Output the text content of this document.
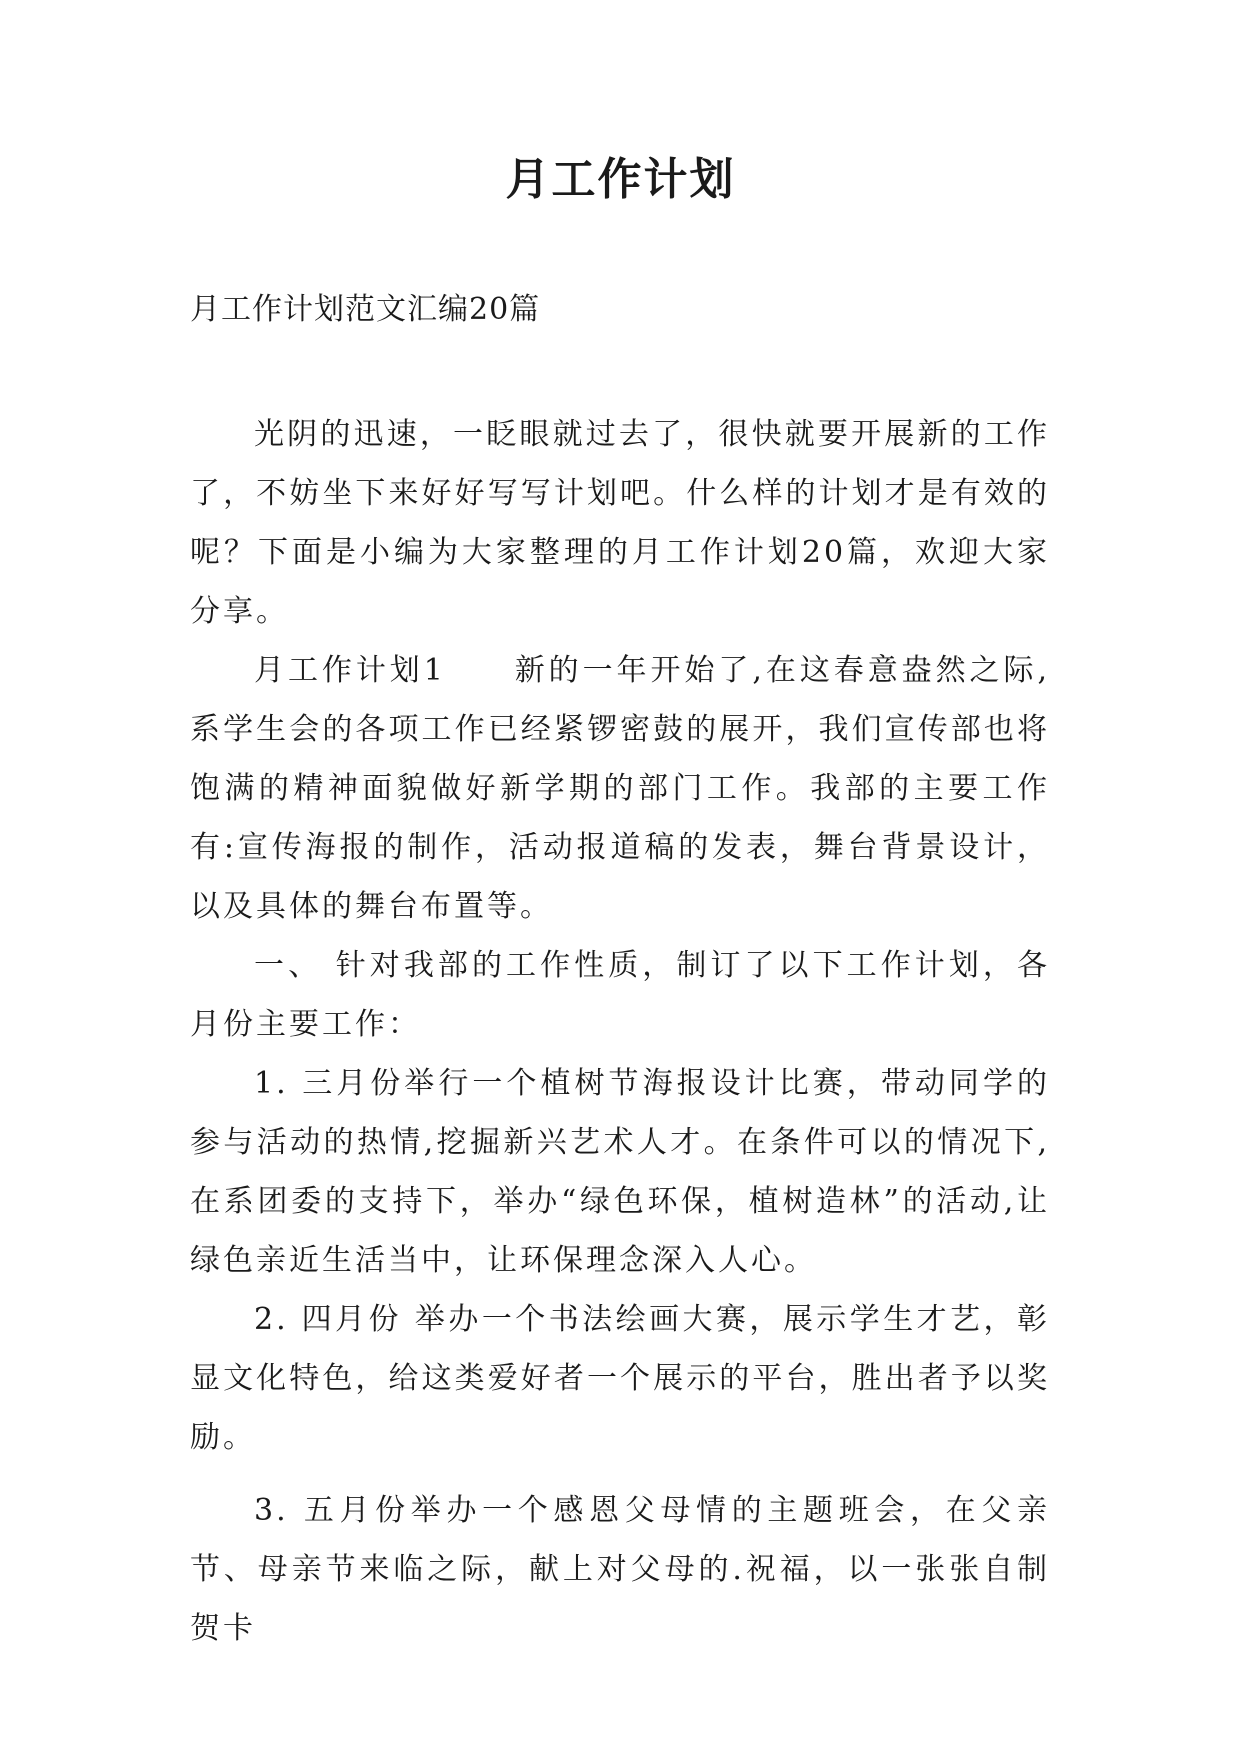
月工作计划

月工作计划范文汇编20篇

光阴的迅速，一眨眼就过去了，很快就要开展新的工作了，不妨坐下来好好写写计划吧。什么样的计划才是有效的呢？下面是小编为大家整理的月工作计划20篇，欢迎大家分享。

月工作计划1　　新的一年开始了,在这春意盎然之际,系学生会的各项工作已经紧锣密鼓的展开，我们宣传部也将饱满的精神面貌做好新学期的部门工作。我部的主要工作有:宣传海报的制作，活动报道稿的发表，舞台背景设计，以及具体的舞台布置等。

一、 针对我部的工作性质，制订了以下工作计划，各月份主要工作：

1. 三月份举行一个植树节海报设计比赛，带动同学的参与活动的热情,挖掘新兴艺术人才。在条件可以的情况下,在系团委的支持下，举办“绿色环保，植树造林”的活动,让绿色亲近生活当中，让环保理念深入人心。

2. 四月份 举办一个书法绘画大赛，展示学生才艺，彰显文化特色，给这类爱好者一个展示的平台，胜出者予以奖励。

3. 五月份举办一个感恩父母情的主题班会，在父亲节、母亲节来临之际，献上对父母的.祝福，以一张张自制贺卡
